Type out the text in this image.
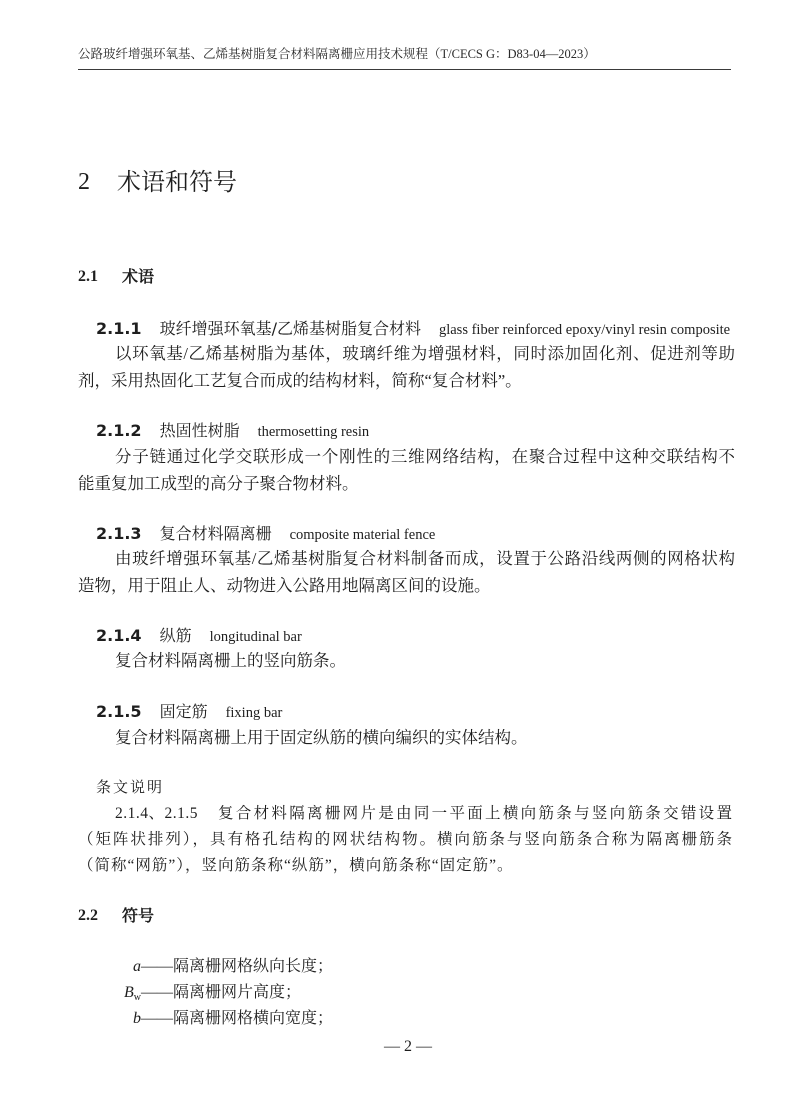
公路玻纤增强环氧基、乙烯基树脂复合材料隔离栅应用技术规程（T/CECS G：D83-04—2023）
2	术语和符号
2.1	术语
2.1.1 玻纤增强环氧基/乙烯基树脂复合材料 glass fiber reinforced epoxy/vinyl resin composite
以环氧基/乙烯基树脂为基体，玻璃纤维为增强材料，同时添加固化剂、促进剂等助
剂，采用热固化工艺复合而成的结构材料，简称“复合材料”。
2.1.2 热固性树脂 thermosetting resin
分子链通过化学交联形成一个刚性的三维网络结构，在聚合过程中这种交联结构不
能重复加工成型的高分子聚合物材料。
2.1.3 复合材料隔离栅 composite material fence
由玻纤增强环氧基/乙烯基树脂复合材料制备而成，设置于公路沿线两侧的网格状构
造物，用于阻止人、动物进入公路用地隔离区间的设施。
2.1.4 纵筋 longitudinal bar
复合材料隔离栅上的竖向筋条。
2.1.5 固定筋 fixing bar
复合材料隔离栅上用于固定纵筋的横向编织的实体结构。
条文说明
2.1.4、2.1.5 复合材料隔离栅网片是由同一平面上横向筋条与竖向筋条交错设置
（矩阵状排列），具有格孔结构的网状结构物。横向筋条与竖向筋条合称为隔离栅筋条
（简称“网筋”），竖向筋条称“纵筋”，横向筋条称“固定筋”。
2.2	符号
a ——隔离栅网格纵向长度；
$B_w$ ——隔离栅网片高度；
b ——隔离栅网格横向宽度；
— 2 —
